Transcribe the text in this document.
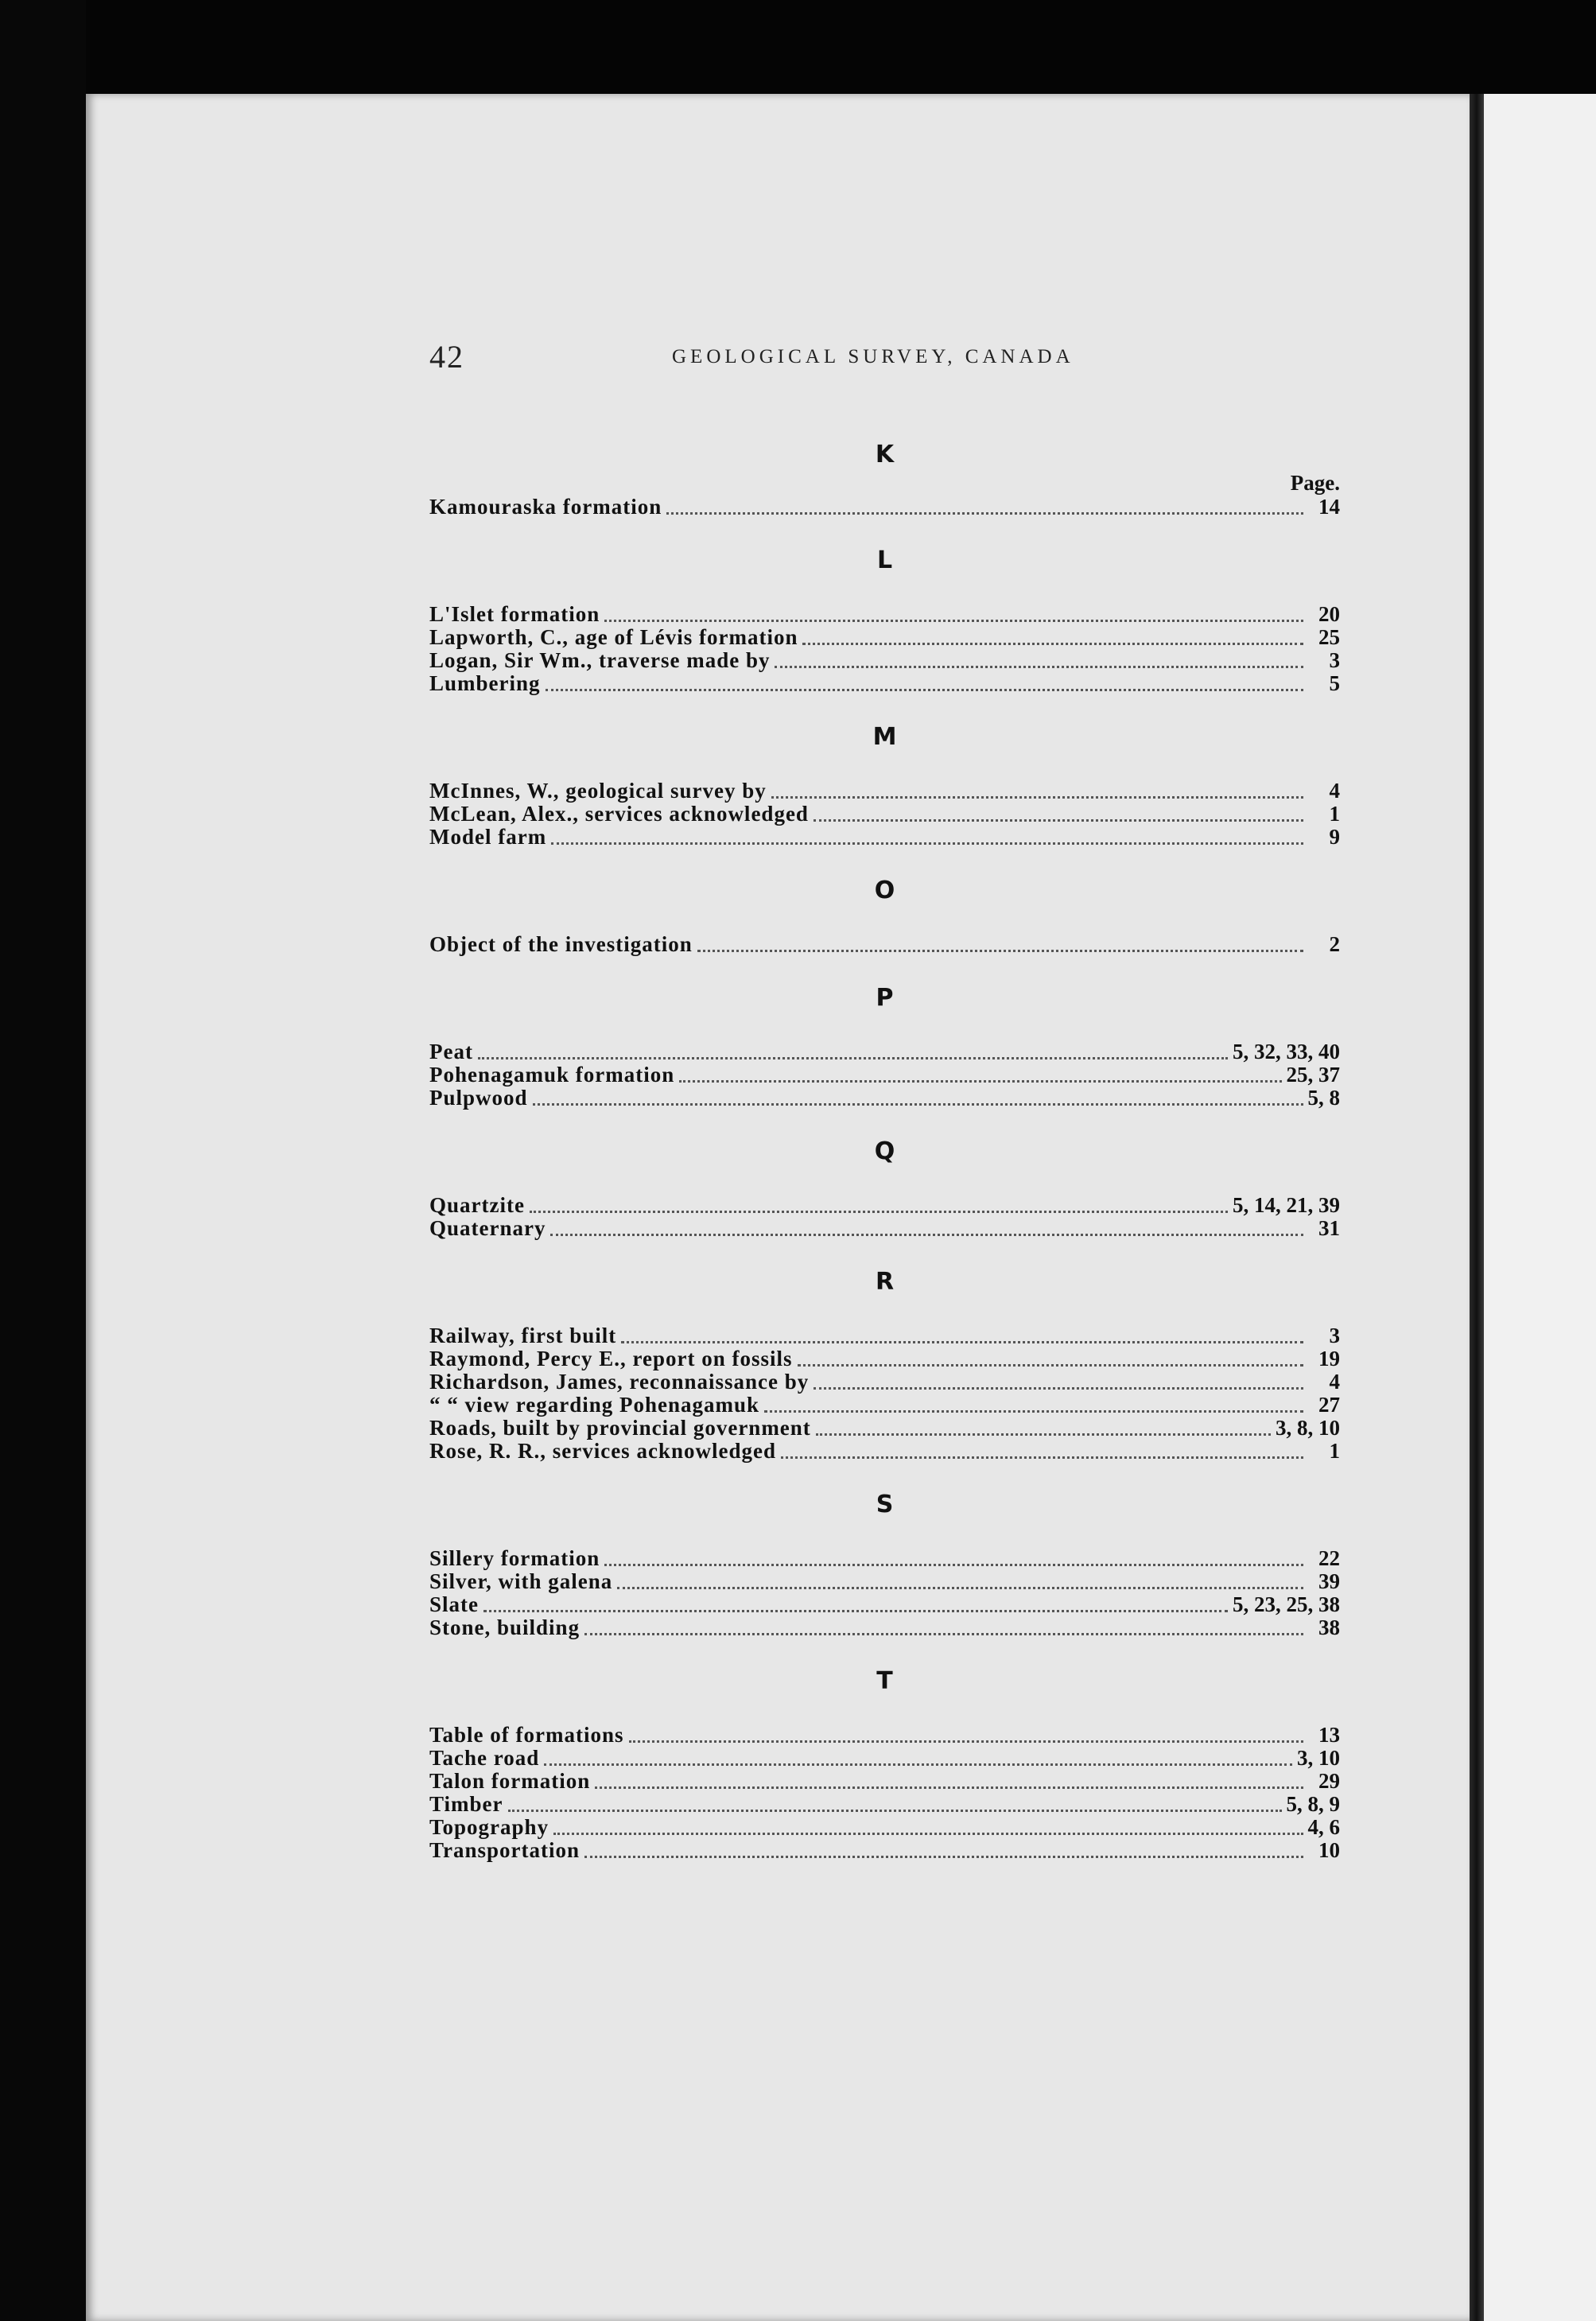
42	GEOLOGICAL SURVEY, CANADA
K
Page.
Kamouraska formation	14
L
L'Islet formation	20
Lapworth, C., age of Lévis formation	25
Logan, Sir Wm., traverse made by	3
Lumbering	5
M
McInnes, W., geological survey by	4
McLean, Alex., services acknowledged	1
Model farm	9
O
Object of the investigation	2
P
Peat	5, 32, 33, 40
Pohenagamuk formation	25, 37
Pulpwood	5, 8
Q
Quartzite	5, 14, 21, 39
Quaternary	31
R
Railway, first built	3
Raymond, Percy E., report on fossils	19
Richardson, James, reconnaissance by	4
“ “ view regarding Pohenagamuk	27
Roads, built by provincial government	3, 8, 10
Rose, R. R., services acknowledged	1
S
Sillery formation	22
Silver, with galena	39
Slate	5, 23, 25, 38
Stone, building	38
T
Table of formations	13
Tache road	3, 10
Talon formation	29
Timber	5, 8, 9
Topography	4, 6
Transportation	10
